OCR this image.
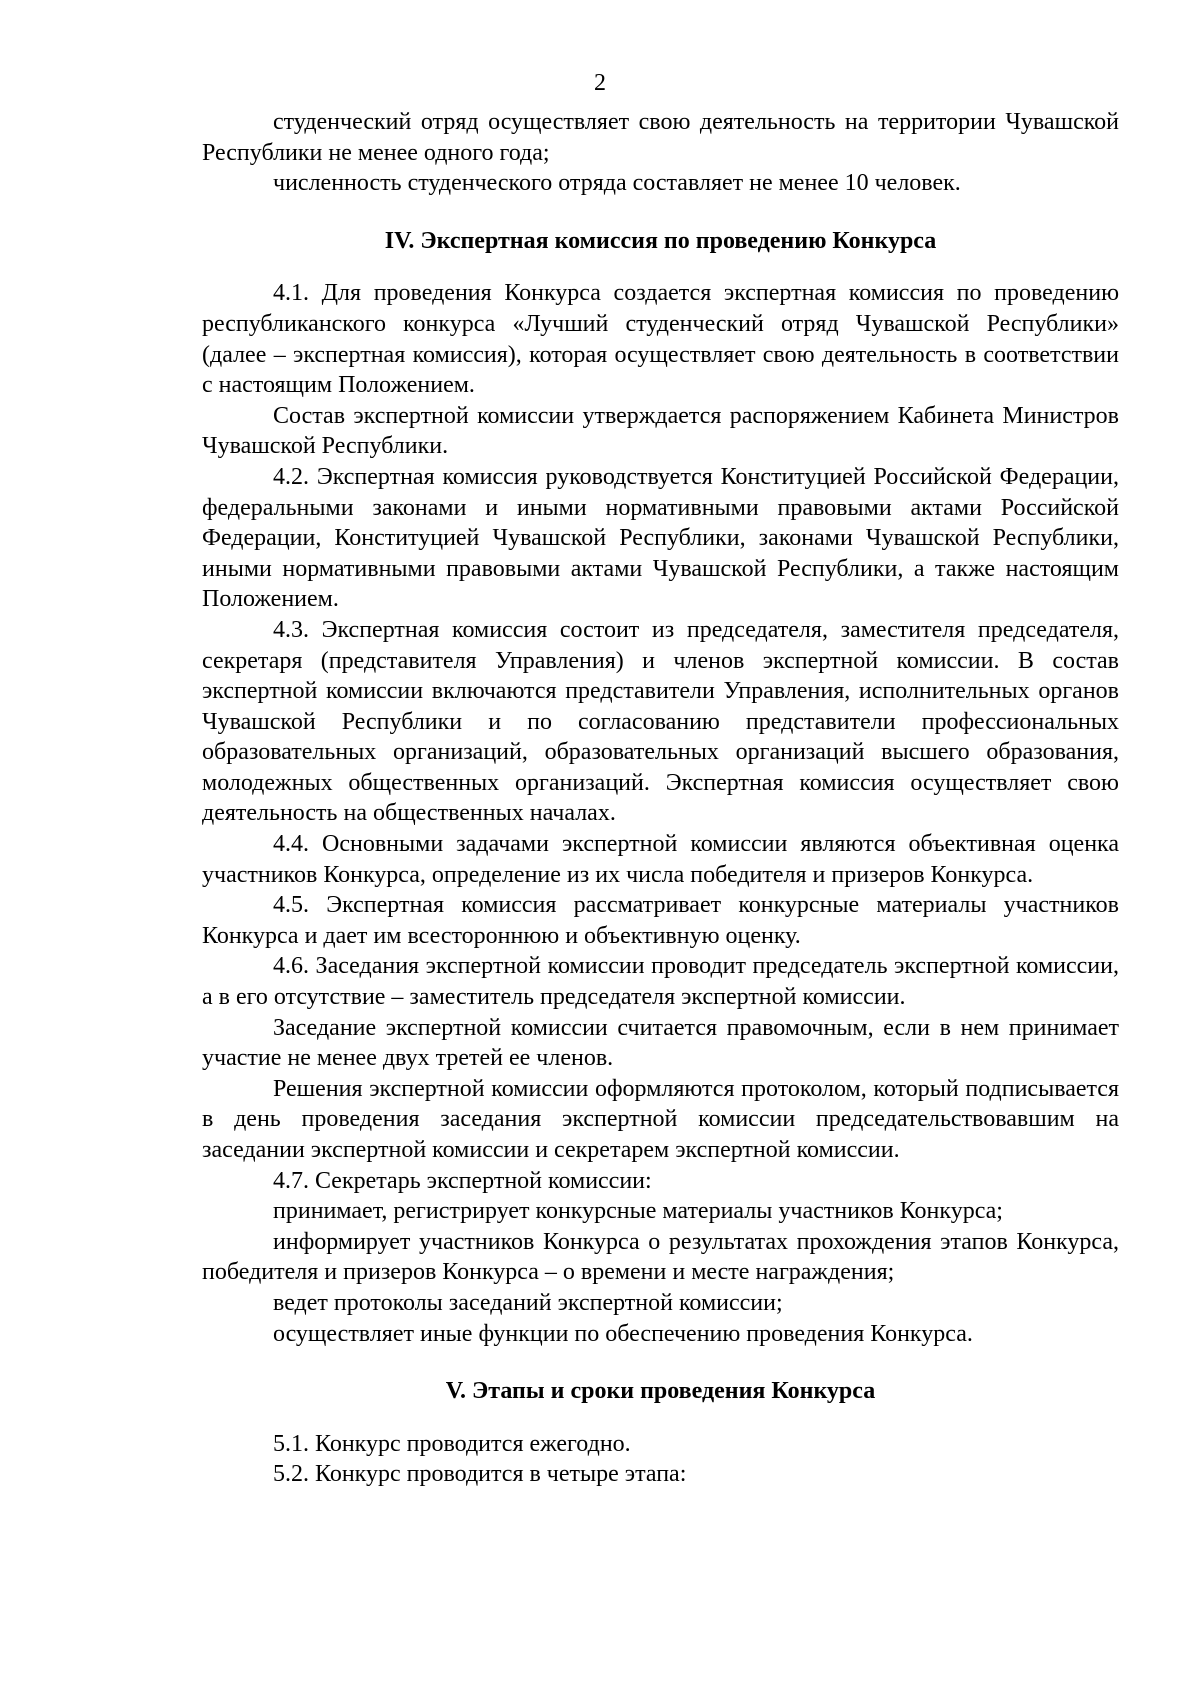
2

студенческий отряд осуществляет свою деятельность на территории Чувашской Республики не менее одного года;

численность студенческого отряда составляет не менее 10 человек.

IV. Экспертная комиссия по проведению Конкурса

4.1. Для проведения Конкурса создается экспертная комиссия по проведению республиканского конкурса «Лучший студенческий отряд Чувашской Республики» (далее – экспертная комиссия), которая осуществляет свою деятельность в соответствии с настоящим Положением.

Состав экспертной комиссии утверждается распоряжением Кабинета Министров Чувашской Республики.

4.2. Экспертная комиссия руководствуется Конституцией Российской Федерации, федеральными законами и иными нормативными правовыми актами Российской Федерации, Конституцией Чувашской Республики, законами Чувашской Республики, иными нормативными правовыми актами Чувашской Республики, а также настоящим Положением.

4.3. Экспертная комиссия состоит из председателя, заместителя председателя, секретаря (представителя Управления) и членов экспертной комиссии. В состав экспертной комиссии включаются представители Управления, исполнительных органов Чувашской Республики и по согласованию представители профессиональных образовательных организаций, образовательных организаций высшего образования, молодежных общественных организаций. Экспертная комиссия осуществляет свою деятельность на общественных началах.

4.4. Основными задачами экспертной комиссии являются объективная оценка участников Конкурса, определение из их числа победителя и призеров Конкурса.

4.5. Экспертная комиссия рассматривает конкурсные материалы участников Конкурса и дает им всестороннюю и объективную оценку.

4.6. Заседания экспертной комиссии проводит председатель экспертной комиссии, а в его отсутствие – заместитель председателя экспертной комиссии.

Заседание экспертной комиссии считается правомочным, если в нем принимает участие не менее двух третей ее членов.

Решения экспертной комиссии оформляются протоколом, который подписывается в день проведения заседания экспертной комиссии председательствовавшим на заседании экспертной комиссии и секретарем экспертной комиссии.

4.7. Секретарь экспертной комиссии:

принимает, регистрирует конкурсные материалы участников Конкурса;

информирует участников Конкурса о результатах прохождения этапов Конкурса, победителя и призеров Конкурса – о времени и месте награждения;

ведет протоколы заседаний экспертной комиссии;

осуществляет иные функции по обеспечению проведения Конкурса.

V. Этапы и сроки проведения Конкурса

5.1. Конкурс проводится ежегодно.

5.2. Конкурс проводится в четыре этапа:
